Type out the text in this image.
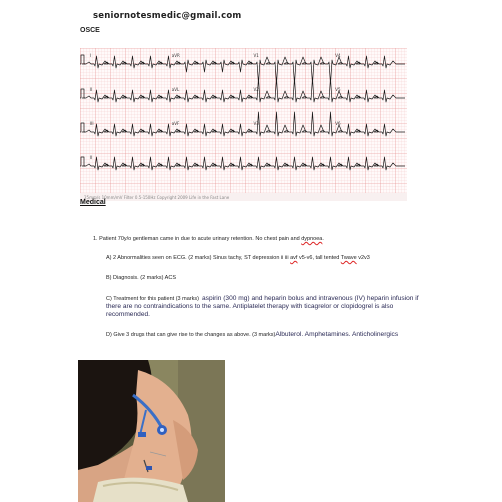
seniornotesmedic@gmail.com
OSCE
I	aVR	V1	V4
II	aVL	V2	V5
III	aVF	V3	V6
II
25mm/s 10mm/mV Filter 0.5-150Hz Copyright 2009 Life in the Fast Lane
Medical
1. Patient 70y/o gentleman came in due to acute urinary retention. No chest pain and dypnoea.
A) 2 Abnormalities seen on ECG. (2 marks) Sinus tachy, ST depression ii iii avf v5-v6, tall tented Twave v2v3
B) Diagnosis. (2 marks) ACS
C) Treatment for this patient (3 marks) aspirin (300 mg) and heparin bolus and intravenous (IV) heparin infusion if there are no contraindications to the same. Antiplatelet therapy with ticagrelor or clopidogrel is also recommended.
D) Give 3 drugs that can give rise to the changes as above. (3 marks)Albuterol. Amphetamines. Anticholinergics
